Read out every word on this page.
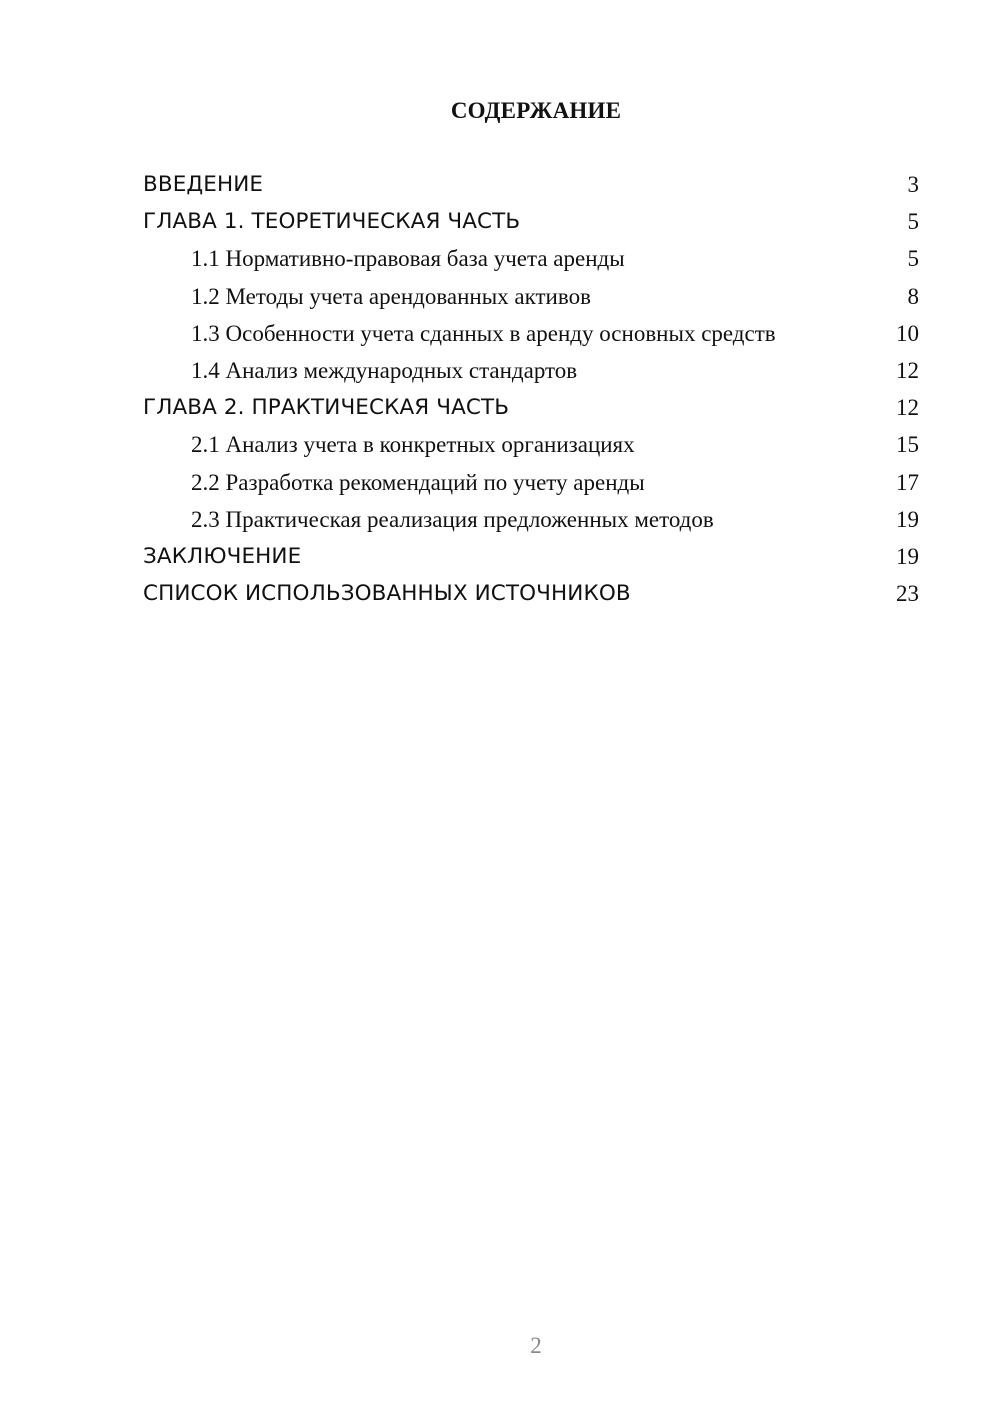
СОДЕРЖАНИЕ
ВВЕДЕНИЕ	3
ГЛАВА 1. ТЕОРЕТИЧЕСКАЯ ЧАСТЬ	5
1.1 Нормативно-правовая база учета аренды	5
1.2 Методы учета арендованных активов	8
1.3 Особенности учета сданных в аренду основных средств	10
1.4 Анализ международных стандартов	12
ГЛАВА 2. ПРАКТИЧЕСКАЯ ЧАСТЬ	12
2.1 Анализ учета в конкретных организациях	15
2.2 Разработка рекомендаций по учету аренды	17
2.3 Практическая реализация предложенных методов	19
ЗАКЛЮЧЕНИЕ	19
СПИСОК ИСПОЛЬЗОВАННЫХ ИСТОЧНИКОВ	23
2
